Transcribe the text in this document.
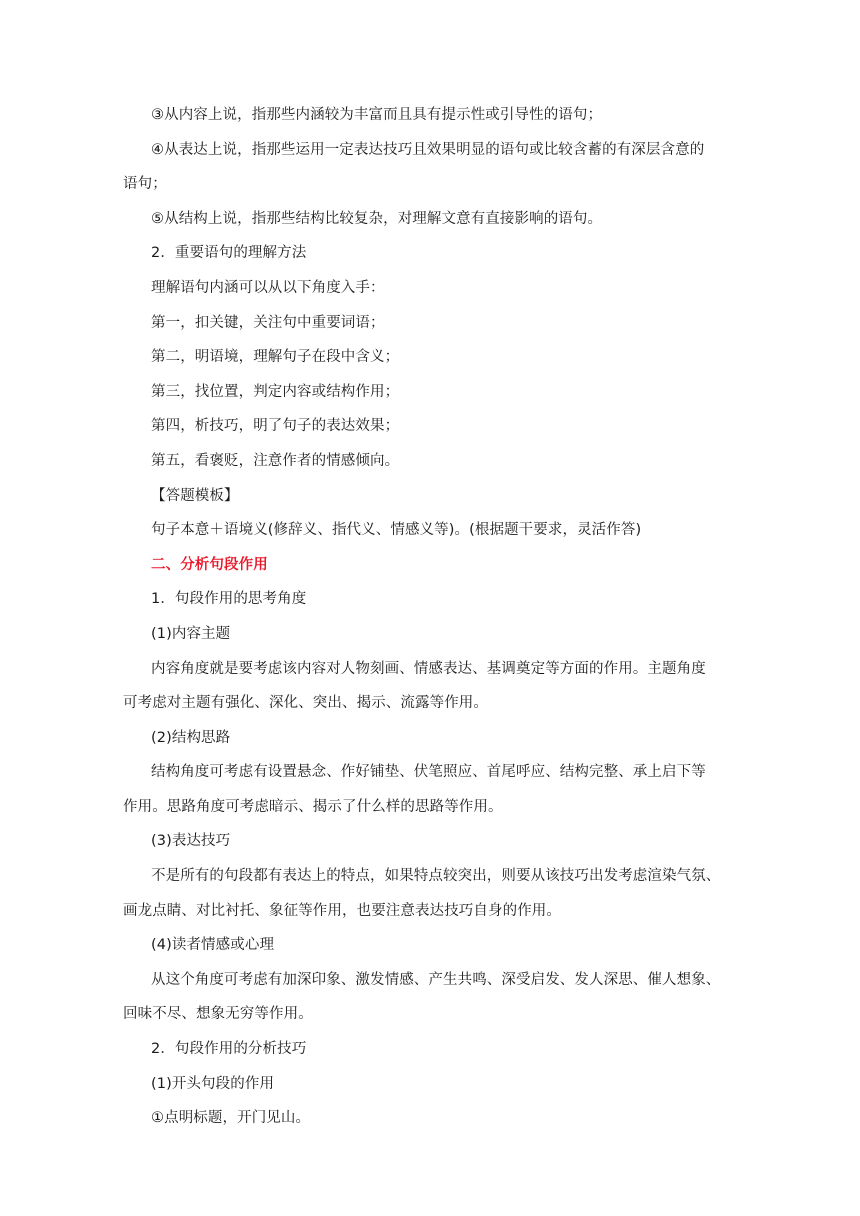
③从内容上说，指那些内涵较为丰富而且具有提示性或引导性的语句；
④从表达上说，指那些运用一定表达技巧且效果明显的语句或比较含蓄的有深层含意的
语句；
⑤从结构上说，指那些结构比较复杂，对理解文意有直接影响的语句。
2．重要语句的理解方法
理解语句内涵可以从以下角度入手：
第一，扣关键，关注句中重要词语；
第二，明语境，理解句子在段中含义；
第三，找位置，判定内容或结构作用；
第四，析技巧，明了句子的表达效果；
第五，看褒贬，注意作者的情感倾向。
【答题模板】
句子本意＋语境义(修辞义、指代义、情感义等)。(根据题干要求，灵活作答)
二、分析句段作用
1．句段作用的思考角度
(1)内容主题
内容角度就是要考虑该内容对人物刻画、情感表达、基调奠定等方面的作用。主题角度
可考虑对主题有强化、深化、突出、揭示、流露等作用。
(2)结构思路
结构角度可考虑有设置悬念、作好铺垫、伏笔照应、首尾呼应、结构完整、承上启下等
作用。思路角度可考虑暗示、揭示了什么样的思路等作用。
(3)表达技巧
不是所有的句段都有表达上的特点，如果特点较突出，则要从该技巧出发考虑渲染气氛、
画龙点睛、对比衬托、象征等作用，也要注意表达技巧自身的作用。
(4)读者情感或心理
从这个角度可考虑有加深印象、激发情感、产生共鸣、深受启发、发人深思、催人想象、
回味不尽、想象无穷等作用。
2．句段作用的分析技巧
(1)开头句段的作用
①点明标题，开门见山。
